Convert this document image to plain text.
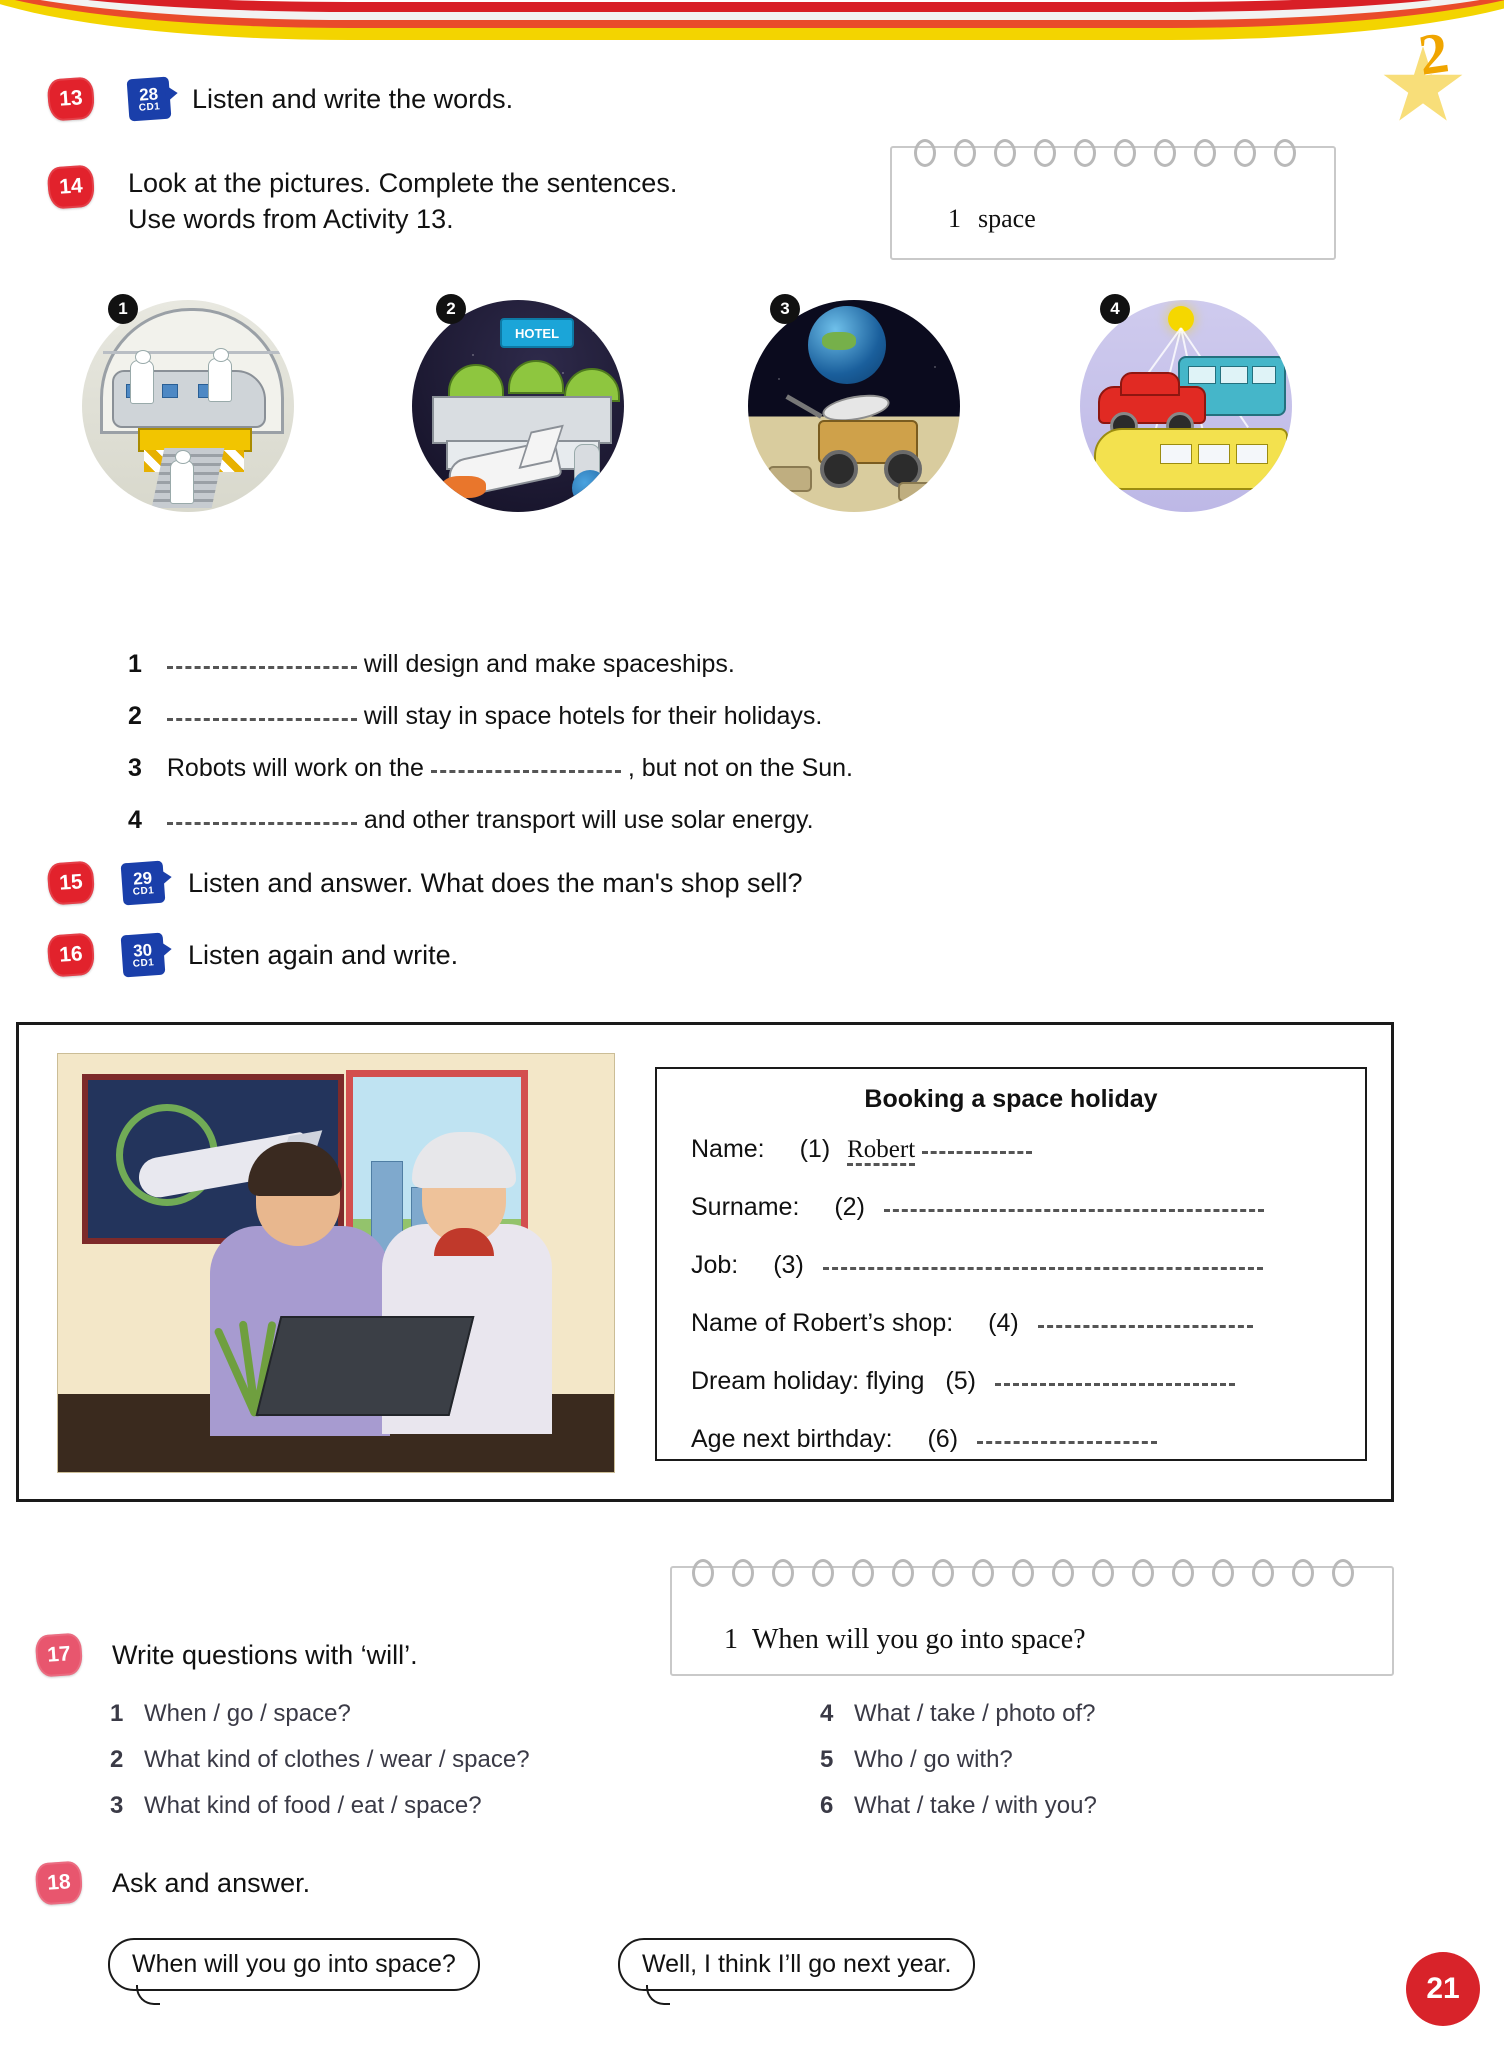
2
13	28
CD1 Listen and write the words.
14	Look at the pictures. Complete the sentences. Use words from Activity 13.	1 space
1	2
HOTEL
3	4
1	will design and make spaceships.
2	will stay in space hotels for their holidays.
3 Robots will work on the	, but not on the Sun.
4	and other transport will use solar energy.
15	29
CD1 Listen and answer. What does the man's shop sell?
16	30
CD1 Listen again and write.
Booking a space holiday
Name: (1) Robert
Surname: (2)
Job: (3)
Name of Robert’s shop: (4)
Dream holiday: flying (5)
Age next birthday: (6)
1 When will you go into space?
17	Write questions with ‘will’.
1 When / go / space?
2 What kind of clothes / wear / space?
3 What kind of food / eat / space?
4 What / take / photo of?
5 Who / go with?
6 What / take / with you?
18	Ask and answer.
When will you go into space?	Well, I think I’ll go next year.
21
